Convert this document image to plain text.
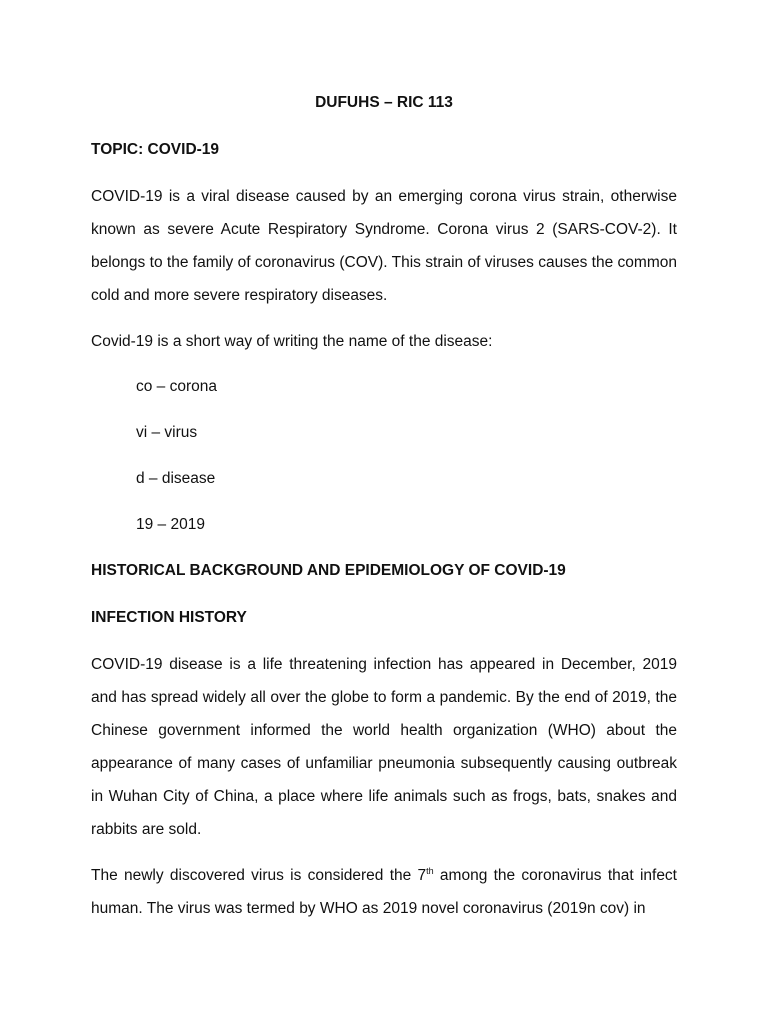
DUFUHS – RIC 113

TOPIC: COVID-19

COVID-19 is a viral disease caused by an emerging corona virus strain, otherwise known as severe Acute Respiratory Syndrome. Corona virus 2 (SARS-COV-2). It belongs to the family of coronavirus (COV). This strain of viruses causes the common cold and more severe respiratory diseases.

Covid-19 is a short way of writing the name of the disease:

co – corona

vi – virus

d – disease

19 – 2019

HISTORICAL BACKGROUND AND EPIDEMIOLOGY OF COVID-19

INFECTION HISTORY

COVID-19 disease is a life threatening infection has appeared in December, 2019 and has spread widely all over the globe to form a pandemic. By the end of 2019, the Chinese government informed the world health organization (WHO) about the appearance of many cases of unfamiliar pneumonia subsequently causing outbreak in Wuhan City of China, a place where life animals such as frogs, bats, snakes and rabbits are sold.

The newly discovered virus is considered the 7th among the coronavirus that infect human. The virus was termed by WHO as 2019 novel coronavirus (2019n cov) in
